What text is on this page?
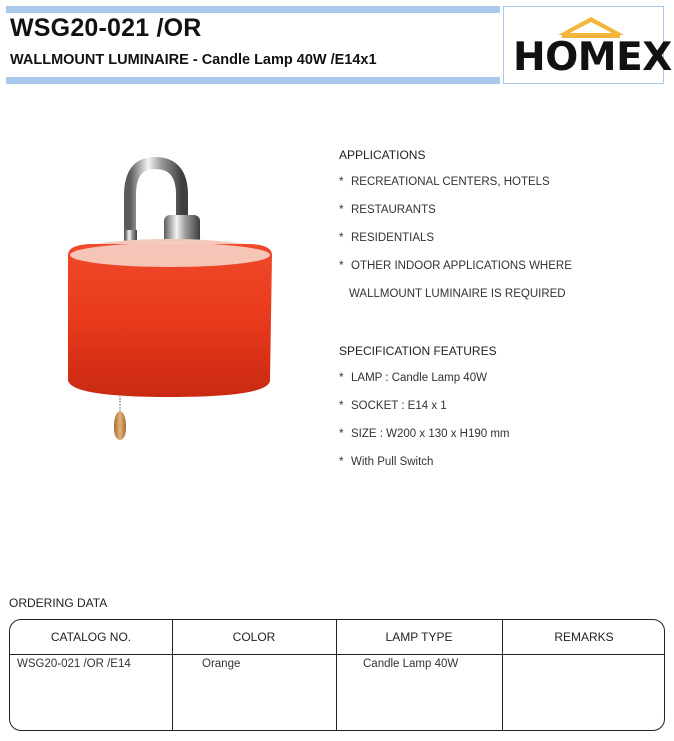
WSG20-021 /OR
WALLMOUNT LUMINAIRE - Candle Lamp 40W /E14x1	HOMEX
APPLICATIONS
* RECREATIONAL CENTERS, HOTELS
* RESTAURANTS
* RESIDENTIALS
* OTHER INDOOR APPLICATIONS WHERE
WALLMOUNT LUMINAIRE IS REQUIRED
SPECIFICATION FEATURES
* LAMP : Candle Lamp 40W
* SOCKET : E14 x 1
* SIZE : W200 x 130 x H190 mm
* With Pull Switch
ORDERING DATA
CATALOG NO.	COLOR	LAMP TYPE	REMARKS
WSG20-021 /OR /E14	Orange	Candle Lamp 40W
